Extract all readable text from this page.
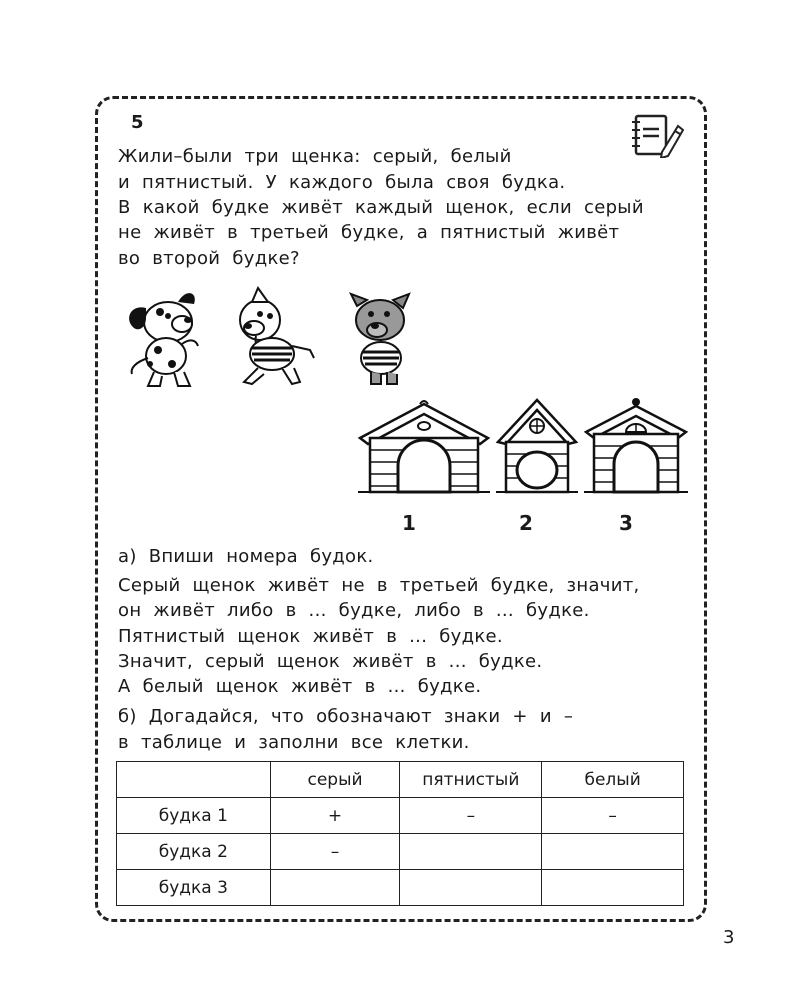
5
Жили–были  три  щенка:  серый,  белый
и  пятнистый.  У  каждого  была  своя  будка.
В  какой  будке  живёт  каждый  щенок,  если  серый
не  живёт  в  третьей  будке,  а  пятнистый  живёт
во  второй  будке?
1	2	3
а)  Впиши  номера  будок.
Серый  щенок  живёт  не  в  третьей  будке,  значит,
он  живёт  либо  в  ...  будке,  либо  в  ...  будке.
Пятнистый  щенок  живёт  в  ...  будке.
Значит,  серый  щенок  живёт  в  ...  будке.
А  белый  щенок  живёт  в  ...  будке.
б)  Догадайся,  что  обозначают  знаки  +  и  –
в  таблице  и  заполни  все  клетки.
	серый	пятнистый	белый
будка 1	+	–	–
будка 2	–		
будка 3			
3
